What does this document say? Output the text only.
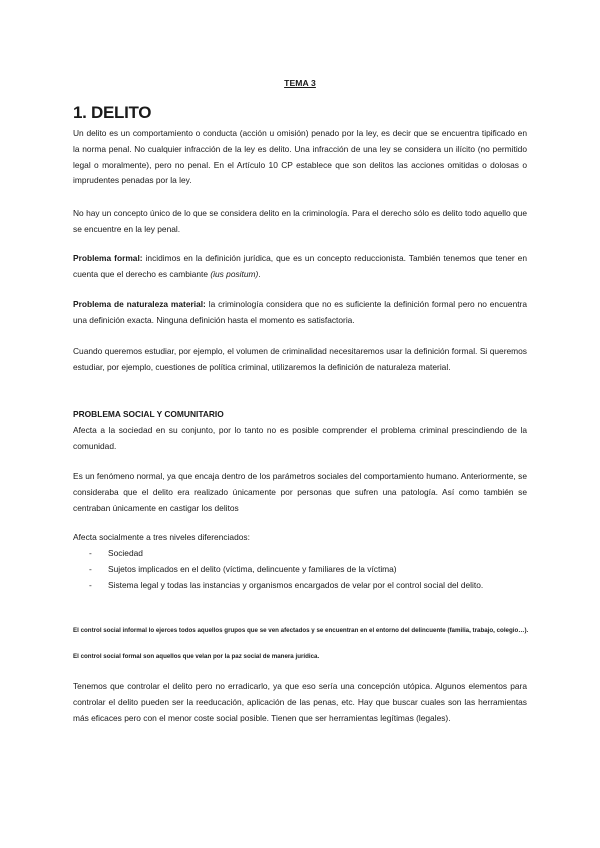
TEMA 3
1. DELITO

Un delito es un comportamiento o conducta (acción u omisión) penado por la ley, es decir que se encuentra tipificado en la norma penal. No cualquier infracción de la ley es delito. Una infracción de una ley se considera un ilícito (no permitido legal o moralmente), pero no penal. En el Artículo 10 CP establece que son delitos las acciones omitidas o dolosas o imprudentes penadas por la ley.

No hay un concepto único de lo que se considera delito en la criminología. Para el derecho sólo es delito todo aquello que se encuentre en la ley penal.

Problema formal: incidimos en la definición jurídica, que es un concepto reduccionista. También tenemos que tener en cuenta que el derecho es cambiante (ius positum).

Problema de naturaleza material: la criminología considera que no es suficiente la definición formal pero no encuentra una definición exacta. Ninguna definición hasta el momento es satisfactoria.

Cuando queremos estudiar, por ejemplo, el volumen de criminalidad necesitaremos usar la definición formal. Si queremos estudiar, por ejemplo, cuestiones de política criminal, utilizaremos la definición de naturaleza material.

PROBLEMA SOCIAL Y COMUNITARIO

Afecta a la sociedad en su conjunto, por lo tanto no es posible comprender el problema criminal prescindiendo de la comunidad.

Es un fenómeno normal, ya que encaja dentro de los parámetros sociales del comportamiento humano. Anteriormente, se consideraba que el delito era realizado únicamente por personas que sufren una patología. Así como también se centraban únicamente en castigar los delitos

Afecta socialmente a tres niveles diferenciados:

- Sociedad
- Sujetos implicados en el delito (víctima, delincuente y familiares de la víctima)
- Sistema legal y todas las instancias y organismos encargados de velar por el control social del delito.

El control social informal lo ejerces todos aquellos grupos que se ven afectados y se encuentran en el entorno del delincuente (familia, trabajo, colegio…).

El control social formal son aquellos que velan por la paz social de manera jurídica.

Tenemos que controlar el delito pero no erradicarlo, ya que eso sería una concepción utópica. Algunos elementos para controlar el delito pueden ser la reeducación, aplicación de las penas, etc. Hay que buscar cuales son las herramientas más eficaces pero con el menor coste social posible. Tienen que ser herramientas legítimas (legales).
